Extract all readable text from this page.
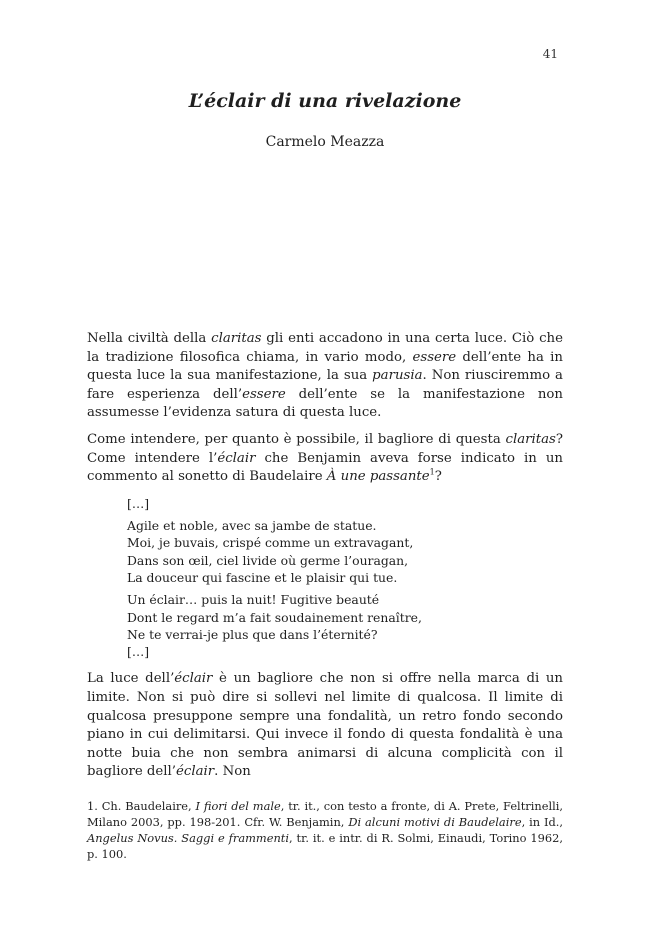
41
L’éclair di una rivelazione
Carmelo Meazza

Nella civiltà della claritas gli enti accadono in una certa luce. Ciò che la tradizione filosofica chiama, in vario modo, essere dell’ente ha in questa luce la sua manifestazione, la sua parusia. Non riusciremmo a fare esperienza dell’essere dell’ente se la manifestazione non assumesse l’evidenza satura di questa luce.

Come intendere, per quanto è possibile, il bagliore di questa claritas? Come intendere l’éclair che Benjamin aveva forse indicato in un commento al sonetto di Baudelaire À une passante$^1$?

[…]
Agile et noble, avec sa jambe de statue.
Moi, je buvais, crispé comme un extravagant,
Dans son œil, ciel livide où germe l’ouragan,
La douceur qui fascine et le plaisir qui tue.
Un éclair… puis la nuit! Fugitive beauté
Dont le regard m’a fait soudainement renaître,
Ne te verrai-je plus que dans l’éternité?
[…]

La luce dell’éclair è un bagliore che non si offre nella marca di un limite. Non si può dire si sollevi nel limite di qualcosa. Il limite di qualcosa presuppone sempre una fondalità, un retro fondo secondo piano in cui delimitarsi. Qui invece il fondo di questa fondalità è una notte buia che non sembra animarsi di alcuna complicità con il bagliore dell’éclair. Non

1. Ch. Baudelaire, I fiori del male, tr. it., con testo a fronte, di A. Prete, Feltrinelli, Milano 2003, pp. 198-201. Cfr. W. Benjamin, Di alcuni motivi di Baudelaire, in Id., Angelus Novus. Saggi e frammenti, tr. it. e intr. di R. Solmi, Einaudi, Torino 1962, p. 100.
